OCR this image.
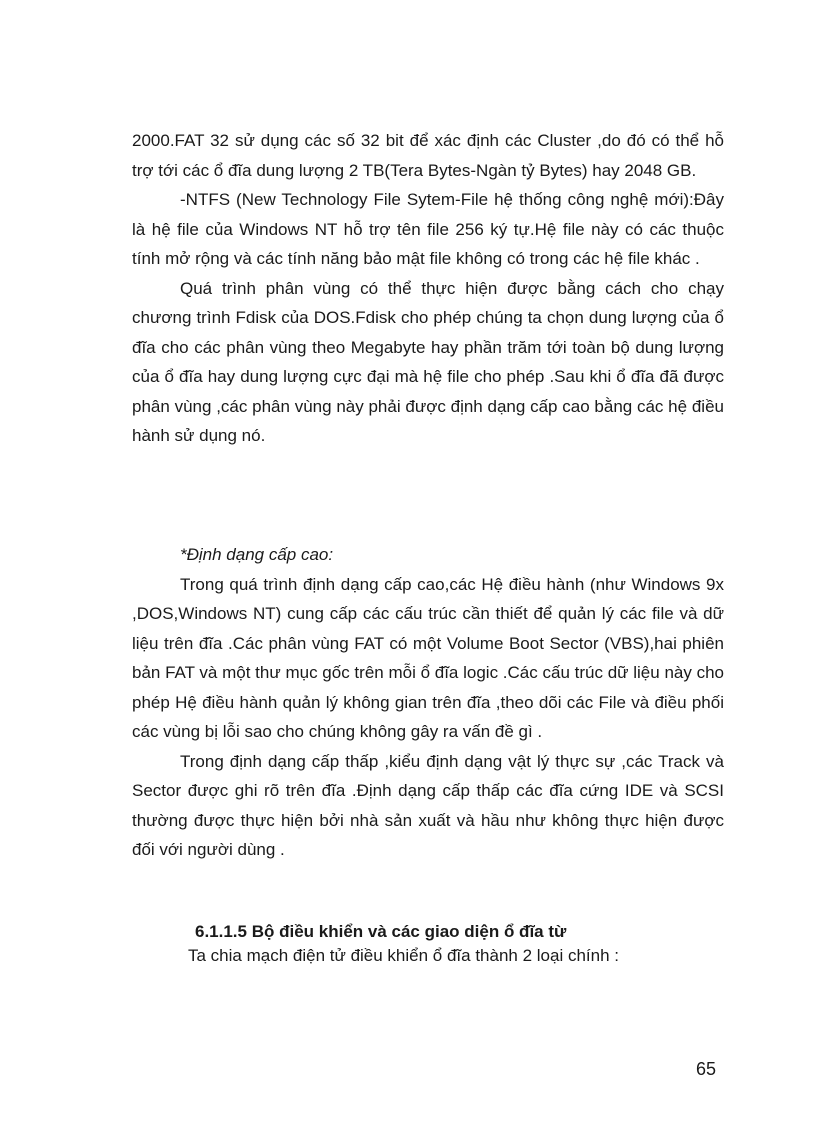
2000.FAT 32 sử dụng các số 32 bit để xác định các Cluster ,do đó có thể hỗ trợ tới các ổ đĩa dung lượng 2 TB(Tera Bytes-Ngàn tỷ Bytes) hay 2048 GB.

-NTFS (New Technology File Sytem-File hệ thống công nghệ mới):Đây là hệ file của Windows NT hỗ trợ tên file 256 ký tự.Hệ file này có các thuộc tính mở rộng và các tính năng bảo mật file không có trong các hệ file khác .

Quá trình phân vùng có thể thực hiện được bằng cách cho chạy chương trình Fdisk của DOS.Fdisk cho phép chúng ta chọn dung lượng của ổ đĩa cho các phân vùng theo Megabyte hay phần trăm tới toàn bộ dung lượng của ổ đĩa hay dung lượng cực đại mà hệ file cho phép .Sau khi ổ đĩa đã được phân vùng ,các phân vùng này phải được định dạng cấp cao bằng các hệ điều hành sử dụng nó.

*Định dạng cấp cao:

Trong quá trình định dạng cấp cao,các Hệ điều hành (như Windows 9x ,DOS,Windows NT) cung cấp các cấu trúc cần thiết để quản lý các file và dữ liệu trên đĩa .Các phân vùng FAT có một Volume Boot Sector (VBS),hai phiên bản FAT và một thư mục gốc trên mỗi ổ đĩa logic .Các cấu trúc dữ liệu này cho phép Hệ điều hành quản lý không gian trên đĩa ,theo dõi các File và điều phối các vùng bị lỗi sao cho chúng không gây ra vấn đề gì .

Trong định dạng cấp thấp ,kiểu định dạng vật lý thực sự ,các Track và Sector được ghi rõ trên đĩa .Định dạng cấp thấp các đĩa cứng IDE và SCSI thường được thực hiện bởi nhà sản xuất và hầu như không thực hiện được đối với người dùng .

6.1.1.5 Bộ điều khiển và các giao diện ổ đĩa từ

Ta chia mạch điện tử điều khiển ổ đĩa thành 2 loại chính :

65
